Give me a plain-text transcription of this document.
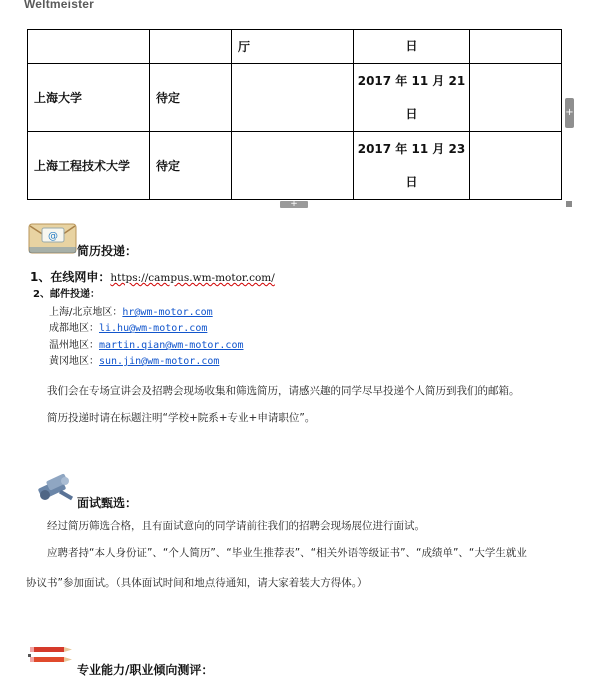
Weltmeister
		厅	日	

上海大学	待定		2017 年 11 月 21
日	

上海工程技术大学	待定		2017 年 11 月 23
日	

+
+
@
简历投递：
1、在线网申：https://campus.wm-motor.com/
2、邮件投递：
上海/北京地区：hr@wm-motor.com
成都地区：li.hu@wm-motor.com
温州地区：martin.qian@wm-motor.com
黄冈地区：sun.jin@wm-motor.com
我们会在专场宣讲会及招聘会现场收集和筛选简历，请感兴趣的同学尽早投递个人简历到我们的邮箱。
简历投递时请在标题注明“学校+院系+专业+申请职位”。
面试甄选：
经过简历筛选合格，且有面试意向的同学请前往我们的招聘会现场展位进行面试。
应聘者持“本人身份证”、“个人简历”、“毕业生推荐表”、“相关外语等级证书”、“成绩单”、“大学生就业
协议书”参加面试。（具体面试时间和地点待通知，请大家着装大方得体。）
专业能力/职业倾向测评：
